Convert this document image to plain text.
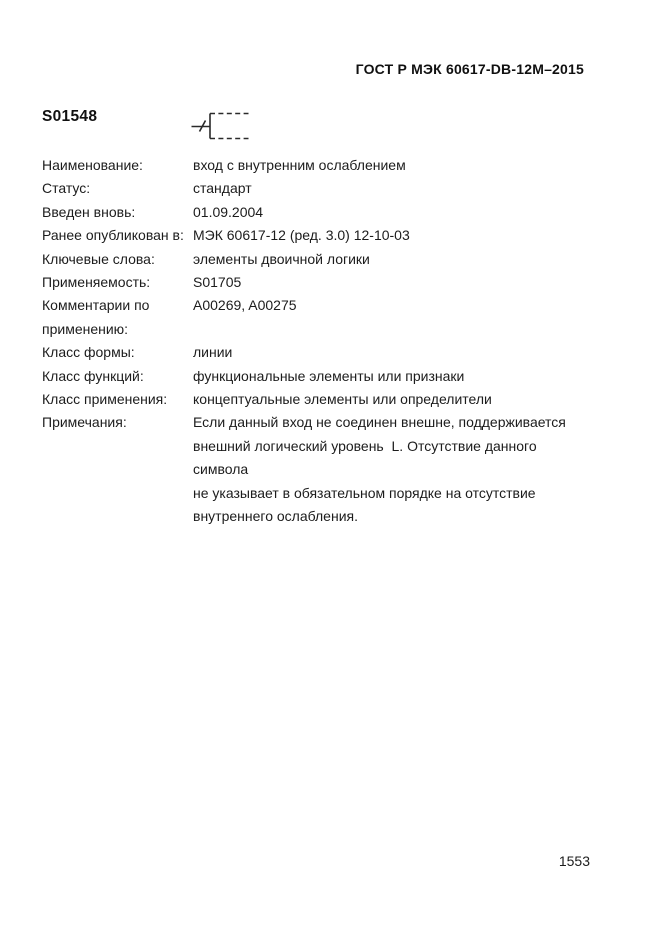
ГОСТ Р МЭК 60617-DB-12M–2015
S01548
Наименование:	вход с внутренним ослаблением
Статус:	стандарт
Введен вновь:	01.09.2004
Ранее опубликован в: МЭК 60617-12 (ред. 3.0) 12-10-03
Ключевые слова:	элементы двоичной логики
Применяемость:	S01705
Комментарии по применению:
A00269, A00275
Класс формы:	линии
Класс функций:	функциональные элементы или признаки
Класс применения:	концептуальные элементы или определители
Примечания:	Если данный вход не соединен внешне, поддерживается
внешний логический уровень  L. Отсутствие данного символа
не указывает в обязательном порядке на отсутствие
внутреннего ослабления.
1553
